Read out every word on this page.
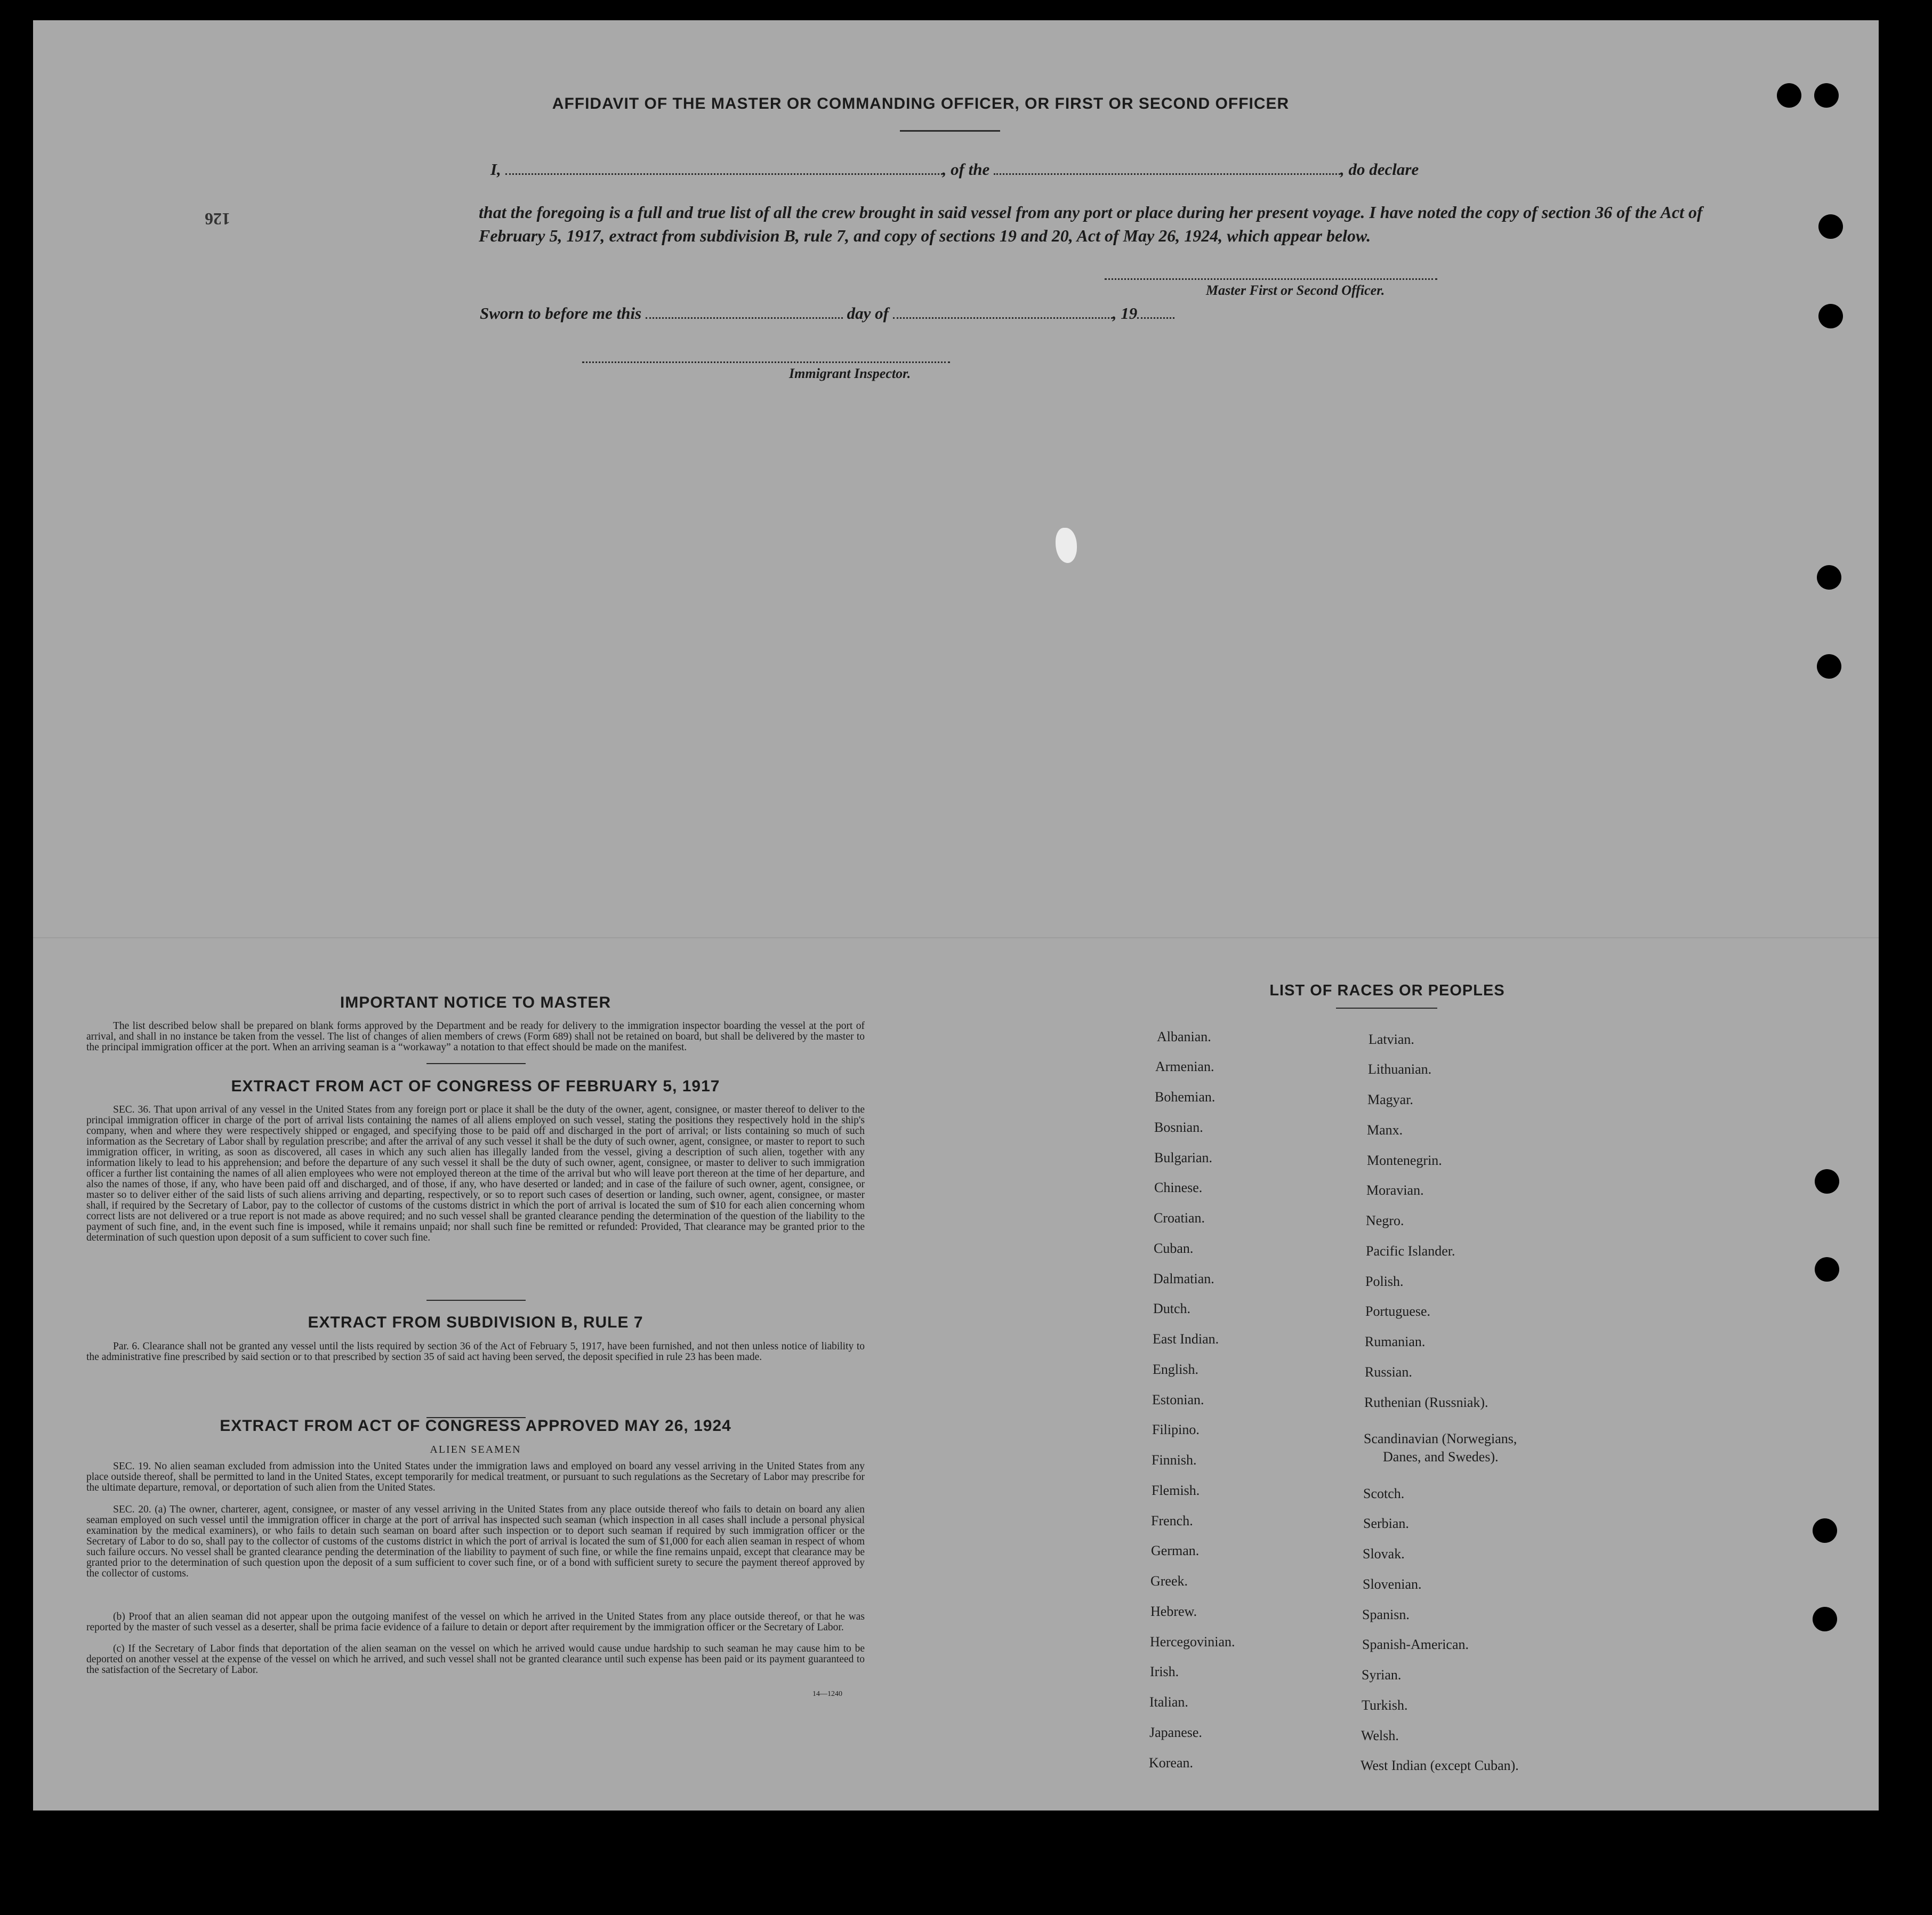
AFFIDAVIT OF THE MASTER OR COMMANDING OFFICER, OR FIRST OR SECOND OFFICER
I,	, of the	, do declare
that the foregoing is a full and true list of all the crew brought in said vessel from any port or place during her present voyage. I have noted the copy of section 36 of the Act of February 5, 1917, extract from subdivision B, rule 7, and copy of sections 19 and 20, Act of May 26, 1924, which appear below.
Master First or Second Officer.
Sworn to before me this	day of	, 19
Immigrant Inspector.
126
IMPORTANT NOTICE TO MASTER
The list described below shall be prepared on blank forms approved by the Department and be ready for delivery to the immigration inspector boarding the vessel at the port of arrival, and shall in no instance be taken from the vessel. The list of changes of alien members of crews (Form 689) shall not be retained on board, but shall be delivered by the master to the principal immigration officer at the port. When an arriving seaman is a “workaway” a notation to that effect should be made on the manifest.
EXTRACT FROM ACT OF CONGRESS OF FEBRUARY 5, 1917
SEC. 36. That upon arrival of any vessel in the United States from any foreign port or place it shall be the duty of the owner, agent, consignee, or master thereof to deliver to the principal immigration officer in charge of the port of arrival lists containing the names of all aliens employed on such vessel, stating the positions they respectively hold in the ship's company, when and where they were respectively shipped or engaged, and specifying those to be paid off and discharged in the port of arrival; or lists containing so much of such information as the Secretary of Labor shall by regulation prescribe; and after the arrival of any such vessel it shall be the duty of such owner, agent, consignee, or master to report to such immigration officer, in writing, as soon as discovered, all cases in which any such alien has illegally landed from the vessel, giving a description of such alien, together with any information likely to lead to his apprehension; and before the departure of any such vessel it shall be the duty of such owner, agent, consignee, or master to deliver to such immigration officer a further list containing the names of all alien employees who were not employed thereon at the time of the arrival but who will leave port thereon at the time of her departure, and also the names of those, if any, who have been paid off and discharged, and of those, if any, who have deserted or landed; and in case of the failure of such owner, agent, consignee, or master so to deliver either of the said lists of such aliens arriving and departing, respectively, or so to report such cases of desertion or landing, such owner, agent, consignee, or master shall, if required by the Secretary of Labor, pay to the collector of customs of the customs district in which the port of arrival is located the sum of $10 for each alien concerning whom correct lists are not delivered or a true report is not made as above required; and no such vessel shall be granted clearance pending the determination of the question of the liability to the payment of such fine, and, in the event such fine is imposed, while it remains unpaid; nor shall such fine be remitted or refunded: Provided, That clearance may be granted prior to the determination of such question upon deposit of a sum sufficient to cover such fine.
EXTRACT FROM SUBDIVISION B, RULE 7
Par. 6. Clearance shall not be granted any vessel until the lists required by section 36 of the Act of February 5, 1917, have been furnished, and not then unless notice of liability to the administrative fine prescribed by said section or to that prescribed by section 35 of said act having been served, the deposit specified in rule 23 has been made.
EXTRACT FROM ACT OF CONGRESS APPROVED MAY 26, 1924
ALIEN SEAMEN
SEC. 19. No alien seaman excluded from admission into the United States under the immigration laws and employed on board any vessel arriving in the United States from any place outside thereof, shall be permitted to land in the United States, except temporarily for medical treatment, or pursuant to such regulations as the Secretary of Labor may prescribe for the ultimate departure, removal, or deportation of such alien from the United States.
SEC. 20. (a) The owner, charterer, agent, consignee, or master of any vessel arriving in the United States from any place outside thereof who fails to detain on board any alien seaman employed on such vessel until the immigration officer in charge at the port of arrival has inspected such seaman (which inspection in all cases shall include a personal physical examination by the medical examiners), or who fails to detain such seaman on board after such inspection or to deport such seaman if required by such immigration officer or the Secretary of Labor to do so, shall pay to the collector of customs of the customs district in which the port of arrival is located the sum of $1,000 for each alien seaman in respect of whom such failure occurs. No vessel shall be granted clearance pending the determination of the liability to payment of such fine, or while the fine remains unpaid, except that clearance may be granted prior to the determination of such question upon the deposit of a sum sufficient to cover such fine, or of a bond with sufficient surety to secure the payment thereof approved by the collector of customs.
(b) Proof that an alien seaman did not appear upon the outgoing manifest of the vessel on which he arrived in the United States from any place outside thereof, or that he was reported by the master of such vessel as a deserter, shall be prima facie evidence of a failure to detain or deport after requirement by the immigration officer or the Secretary of Labor.
(c) If the Secretary of Labor finds that deportation of the alien seaman on the vessel on which he arrived would cause undue hardship to such seaman he may cause him to be deported on another vessel at the expense of the vessel on which he arrived, and such vessel shall not be granted clearance until such expense has been paid or its payment guaranteed to the satisfaction of the Secretary of Labor.
14—1240
LIST OF RACES OR PEOPLES
Albanian.
Armenian.
Bohemian.
Bosnian.
Bulgarian.
Chinese.
Croatian.
Cuban.
Dalmatian.
Dutch.
East Indian.
English.
Estonian.
Filipino.
Finnish.
Flemish.
French.
German.
Greek.
Hebrew.
Hercegovinian.
Irish.
Italian.
Japanese.
Korean.
Latvian.
Lithuanian.
Magyar.
Manx.
Montenegrin.
Moravian.
Negro.
Pacific Islander.
Polish.
Portuguese.
Rumanian.
Russian.
Ruthenian (Russniak).
Scandinavian (Norwegians,
Danes, and Swedes).
Scotch.
Serbian.
Slovak.
Slovenian.
Spanisn.
Spanish-American.
Syrian.
Turkish.
Welsh.
West Indian (except Cuban).
